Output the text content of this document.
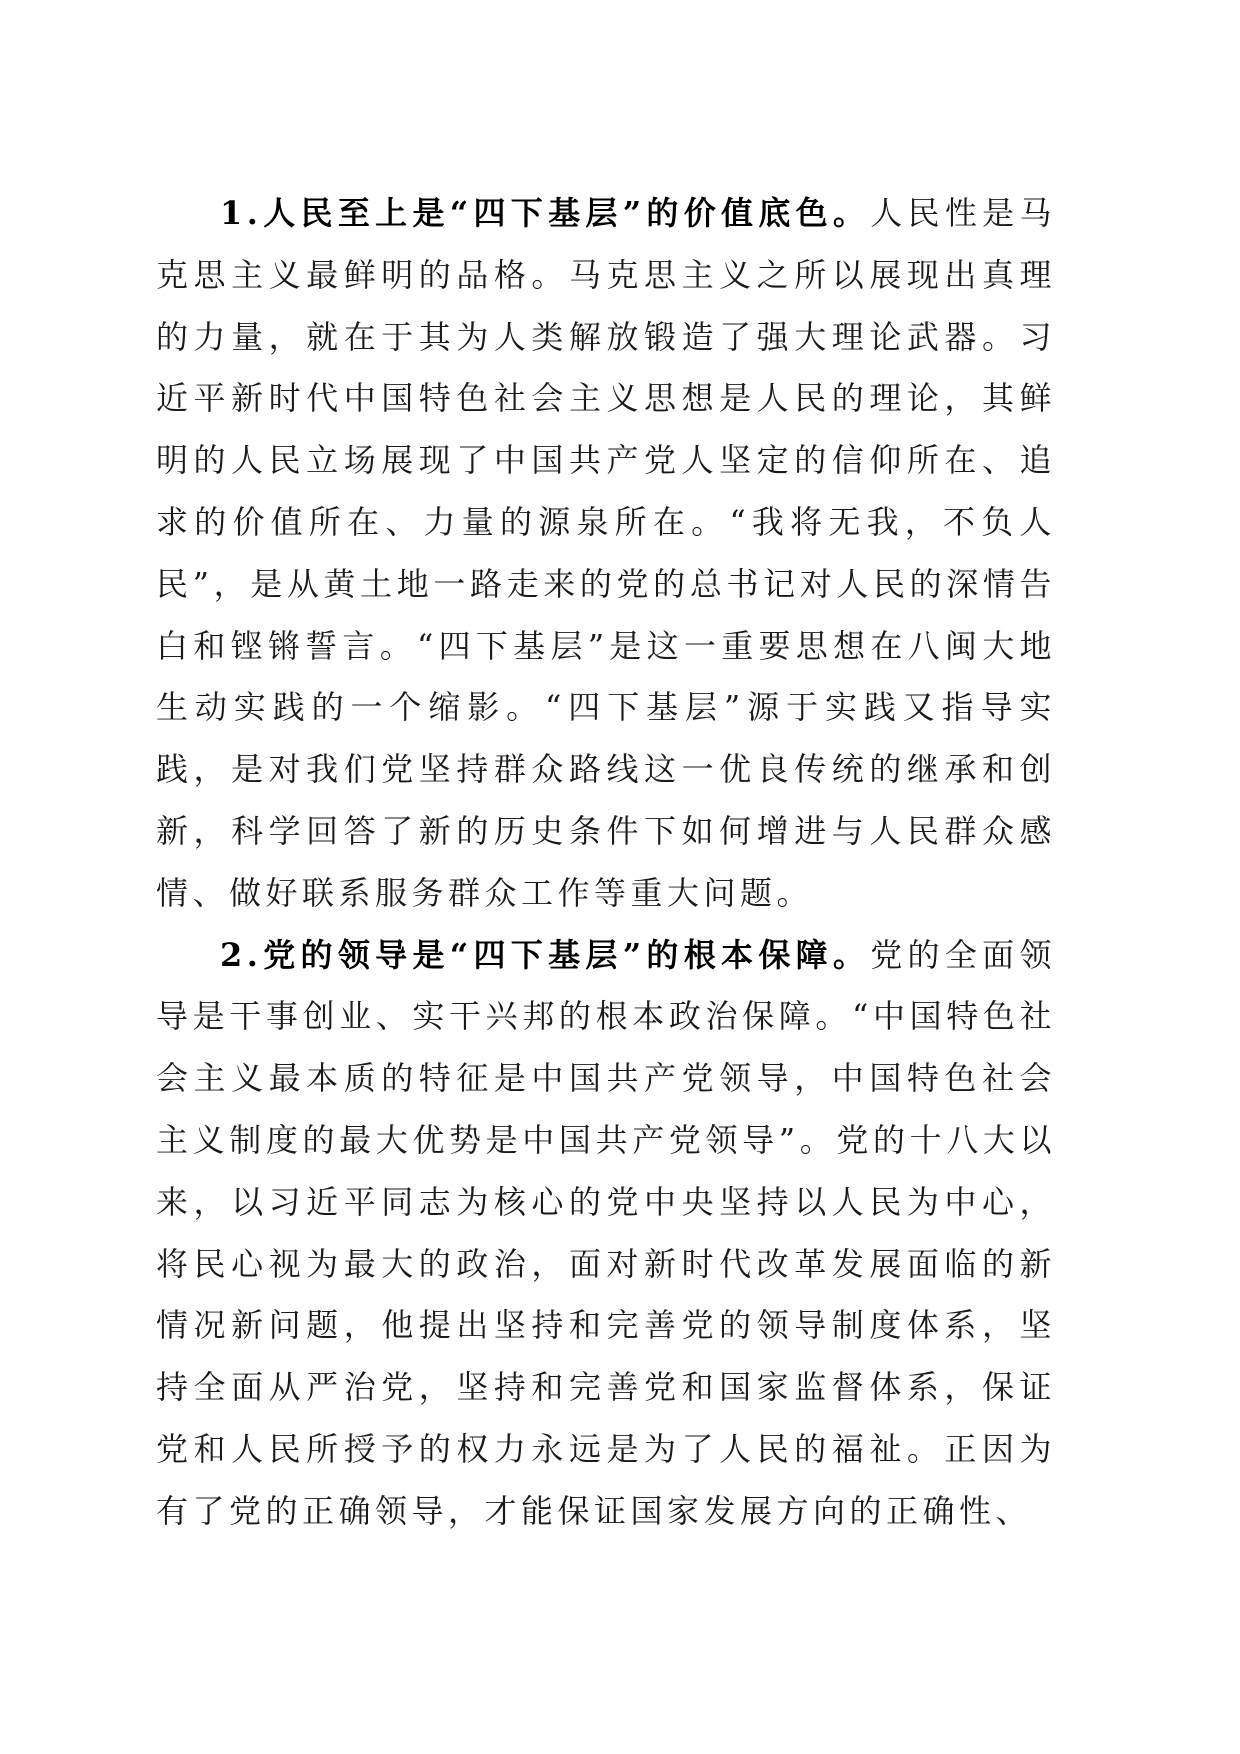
1.人民至上是“四下基层”的价值底色。人民性是马克思主义最鲜明的品格。马克思主义之所以展现出真理的力量，就在于其为人类解放锻造了强大理论武器。习近平新时代中国特色社会主义思想是人民的理论，其鲜明的人民立场展现了中国共产党人坚定的信仰所在、追求的价值所在、力量的源泉所在。“我将无我，不负人民”，是从黄土地一路走来的党的总书记对人民的深情告白和铿锵誓言。“四下基层”是这一重要思想在八闽大地生动实践的一个缩影。“四下基层”源于实践又指导实践，是对我们党坚持群众路线这一优良传统的继承和创新，科学回答了新的历史条件下如何增进与人民群众感情、做好联系服务群众工作等重大问题。

2.党的领导是“四下基层”的根本保障。党的全面领导是干事创业、实干兴邦的根本政治保障。“中国特色社会主义最本质的特征是中国共产党领导，中国特色社会主义制度的最大优势是中国共产党领导”。党的十八大以来，以习近平同志为核心的党中央坚持以人民为中心，将民心视为最大的政治，面对新时代改革发展面临的新情况新问题，他提出坚持和完善党的领导制度体系，坚持全面从严治党，坚持和完善党和国家监督体系，保证党和人民所授予的权力永远是为了人民的福祉。正因为有了党的正确领导，才能保证国家发展方向的正确性、
